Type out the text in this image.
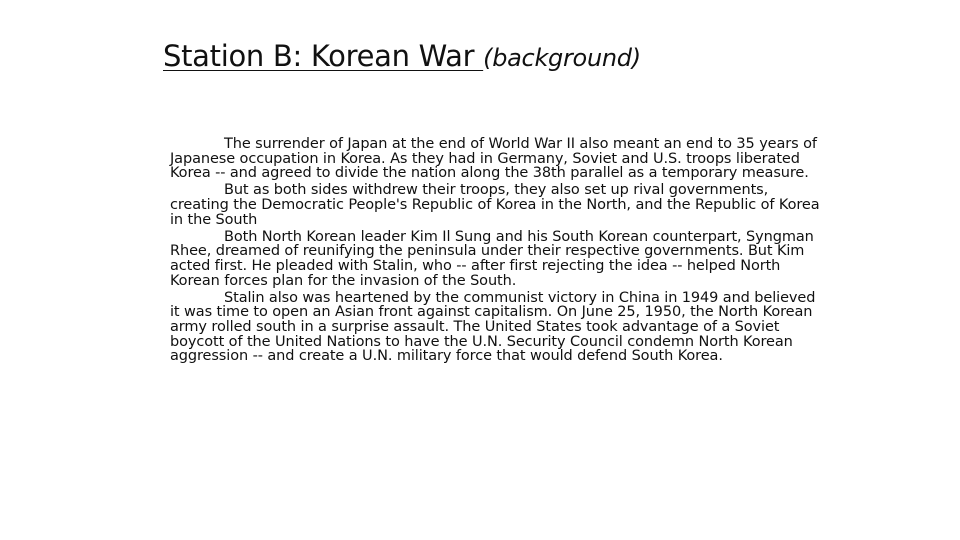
Station B: Korean War (background)

The surrender of Japan at the end of World War II also meant an end to 35 years of Japanese occupation in Korea. As they had in Germany, Soviet and U.S. troops liberated Korea -- and agreed to divide the nation along the 38th parallel as a temporary measure.

But as both sides withdrew their troops, they also set up rival governments, creating the Democratic People's Republic of Korea in the North, and the Republic of Korea in the South

Both North Korean leader Kim Il Sung and his South Korean counterpart, Syngman Rhee, dreamed of reunifying the peninsula under their respective governments. But Kim acted first. He pleaded with Stalin, who -- after first rejecting the idea -- helped North Korean forces plan for the invasion of the South.

Stalin also was heartened by the communist victory in China in 1949 and believed it was time to open an Asian front against capitalism. On June 25, 1950, the North Korean army rolled south in a surprise assault. The United States took advantage of a Soviet boycott of the United Nations to have the U.N. Security Council condemn North Korean aggression -- and create a U.N. military force that would defend South Korea.
